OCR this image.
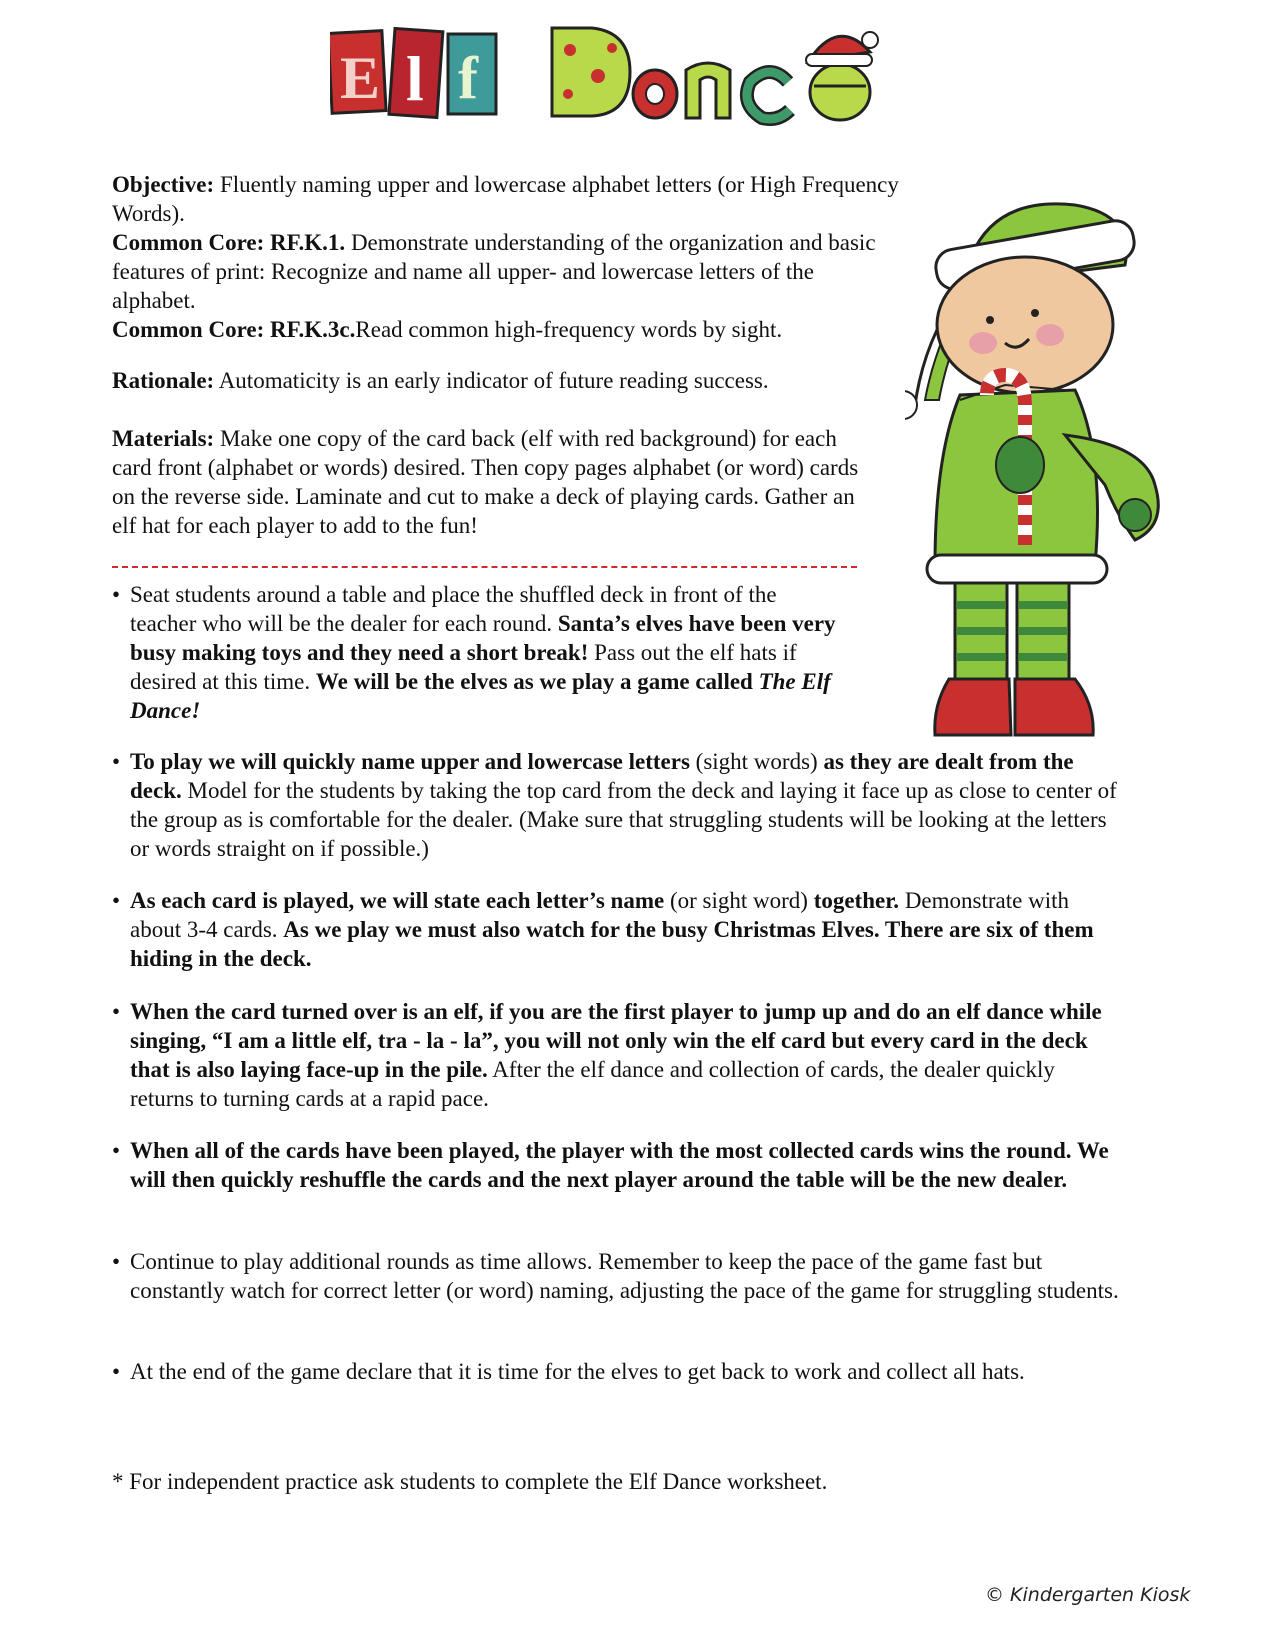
E l f

Objective: Fluently naming upper and lowercase alphabet letters (or High Frequency Words).

Common Core: RF.K.1. Demonstrate understanding of the organization and basic features of print: Recognize and name all upper- and lowercase letters of the alphabet.

Common Core: RF.K.3c.Read common high-frequency words by sight.

Rationale: Automaticity is an early indicator of future reading success.
Materials: Make one copy of the card back (elf with red background) for each card front (alphabet or words) desired. Then copy pages alphabet (or word) cards on the reverse side. Laminate and cut to make a deck of playing cards. Gather an elf hat for each player to add to the fun!
• Seat students around a table and place the shuffled deck in front of the teacher who will be the dealer for each round. Santa’s elves have been very busy making toys and they need a short break! Pass out the elf hats if desired at this time. We will be the elves as we play a game called The Elf Dance!
• To play we will quickly name upper and lowercase letters (sight words) as they are dealt from the deck. Model for the students by taking the top card from the deck and laying it face up as close to center of the group as is comfortable for the dealer. (Make sure that struggling students will be looking at the letters or words straight on if possible.)
• As each card is played, we will state each letter’s name (or sight word) together. Demonstrate with about 3-4 cards. As we play we must also watch for the busy Christmas Elves. There are six of them hiding in the deck.
• When the card turned over is an elf, if you are the first player to jump up and do an elf dance while singing, “I am a little elf, tra - la - la”, you will not only win the elf card but every card in the deck that is also laying face-up in the pile. After the elf dance and collection of cards, the dealer quickly returns to turning cards at a rapid pace.
• When all of the cards have been played, the player with the most collected cards wins the round. We will then quickly reshuffle the cards and the next player around the table will be the new dealer.
• Continue to play additional rounds as time allows. Remember to keep the pace of the game fast but constantly watch for correct letter (or word) naming, adjusting the pace of the game for struggling students.
• At the end of the game declare that it is time for the elves to get back to work and collect all hats.
* For independent practice ask students to complete the Elf Dance worksheet.
© Kindergarten Kiosk
